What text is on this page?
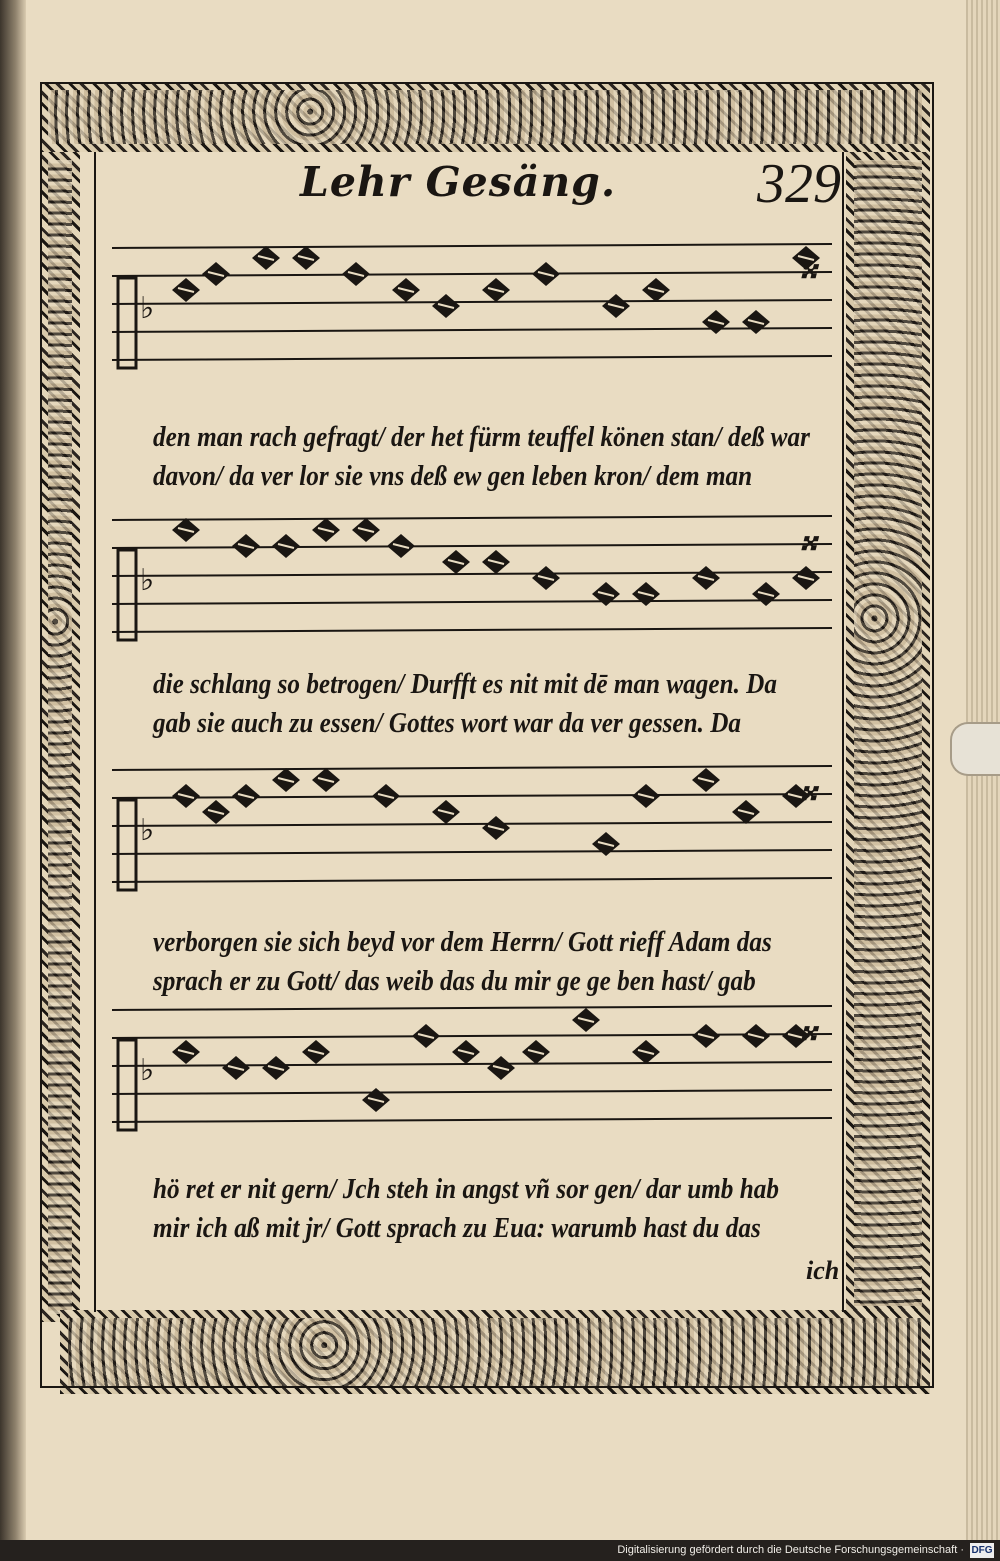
Lehr Gesäng.	329
♭
𝄪
den man rach gefragt/ der het fürm teuffel könen stan/ deß war
davon/ da ver lor sie vns deß ew gen leben kron/ dem man
♭
𝄪
die schlang so betrogen/ Durfft es nit mit dē man wagen. Da
gab sie auch zu essen/ Gottes wort war da ver gessen. Da
♭
𝄪
verborgen sie sich beyd vor dem Herrn/ Gott rieff Adam das
sprach er zu Gott/ das weib das du mir ge ge ben hast/ gab
♭
𝄪
hö ret er nit gern/ Jch steh in angst vñ sor gen/ dar umb hab
mir ich aß mit jr/ Gott sprach zu Eua: warumb hast du das
ich
Digitalisierung gefördert durch die Deutsche Forschungsgemeinschaft · DFG
